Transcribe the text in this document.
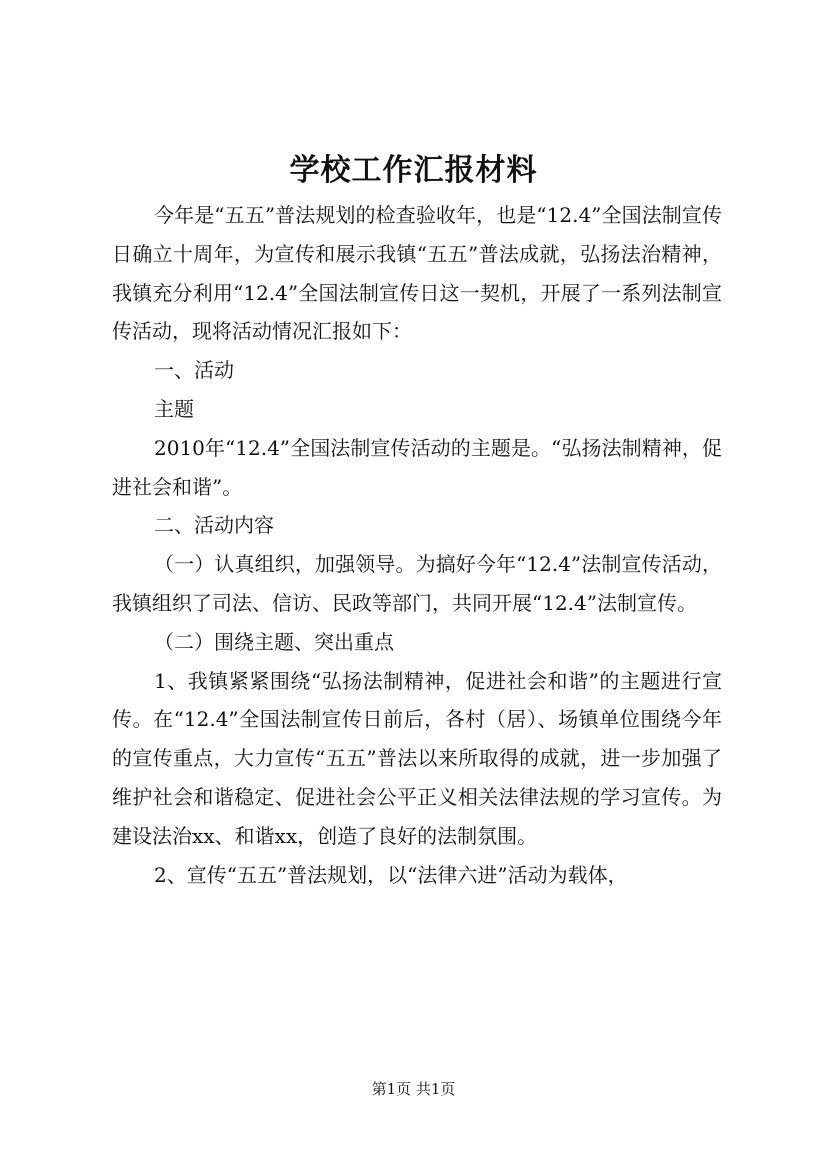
学校工作汇报材料

今年是“五五”普法规划的检查验收年，也是“12.4”全国法制宣传日确立十周年，为宣传和展示我镇“五五”普法成就，弘扬法治精神，我镇充分利用“12.4”全国法制宣传日这一契机，开展了一系列法制宣传活动，现将活动情况汇报如下：

一、活动

主题

2010年“12.4”全国法制宣传活动的主题是。“弘扬法制精神，促进社会和谐”。

二、活动内容

（一）认真组织，加强领导。为搞好今年“12.4”法制宣传活动，我镇组织了司法、信访、民政等部门，共同开展“12.4”法制宣传。

（二）围绕主题、突出重点

1、我镇紧紧围绕“弘扬法制精神，促进社会和谐”的主题进行宣传。在“12.4”全国法制宣传日前后，各村（居）、场镇单位围绕今年的宣传重点，大力宣传“五五”普法以来所取得的成就，进一步加强了维护社会和谐稳定、促进社会公平正义相关法律法规的学习宣传。为建设法治xx、和谐xx，创造了良好的法制氛围。

2、宣传“五五”普法规划，以“法律六进”活动为载体，

第1页 共1页
